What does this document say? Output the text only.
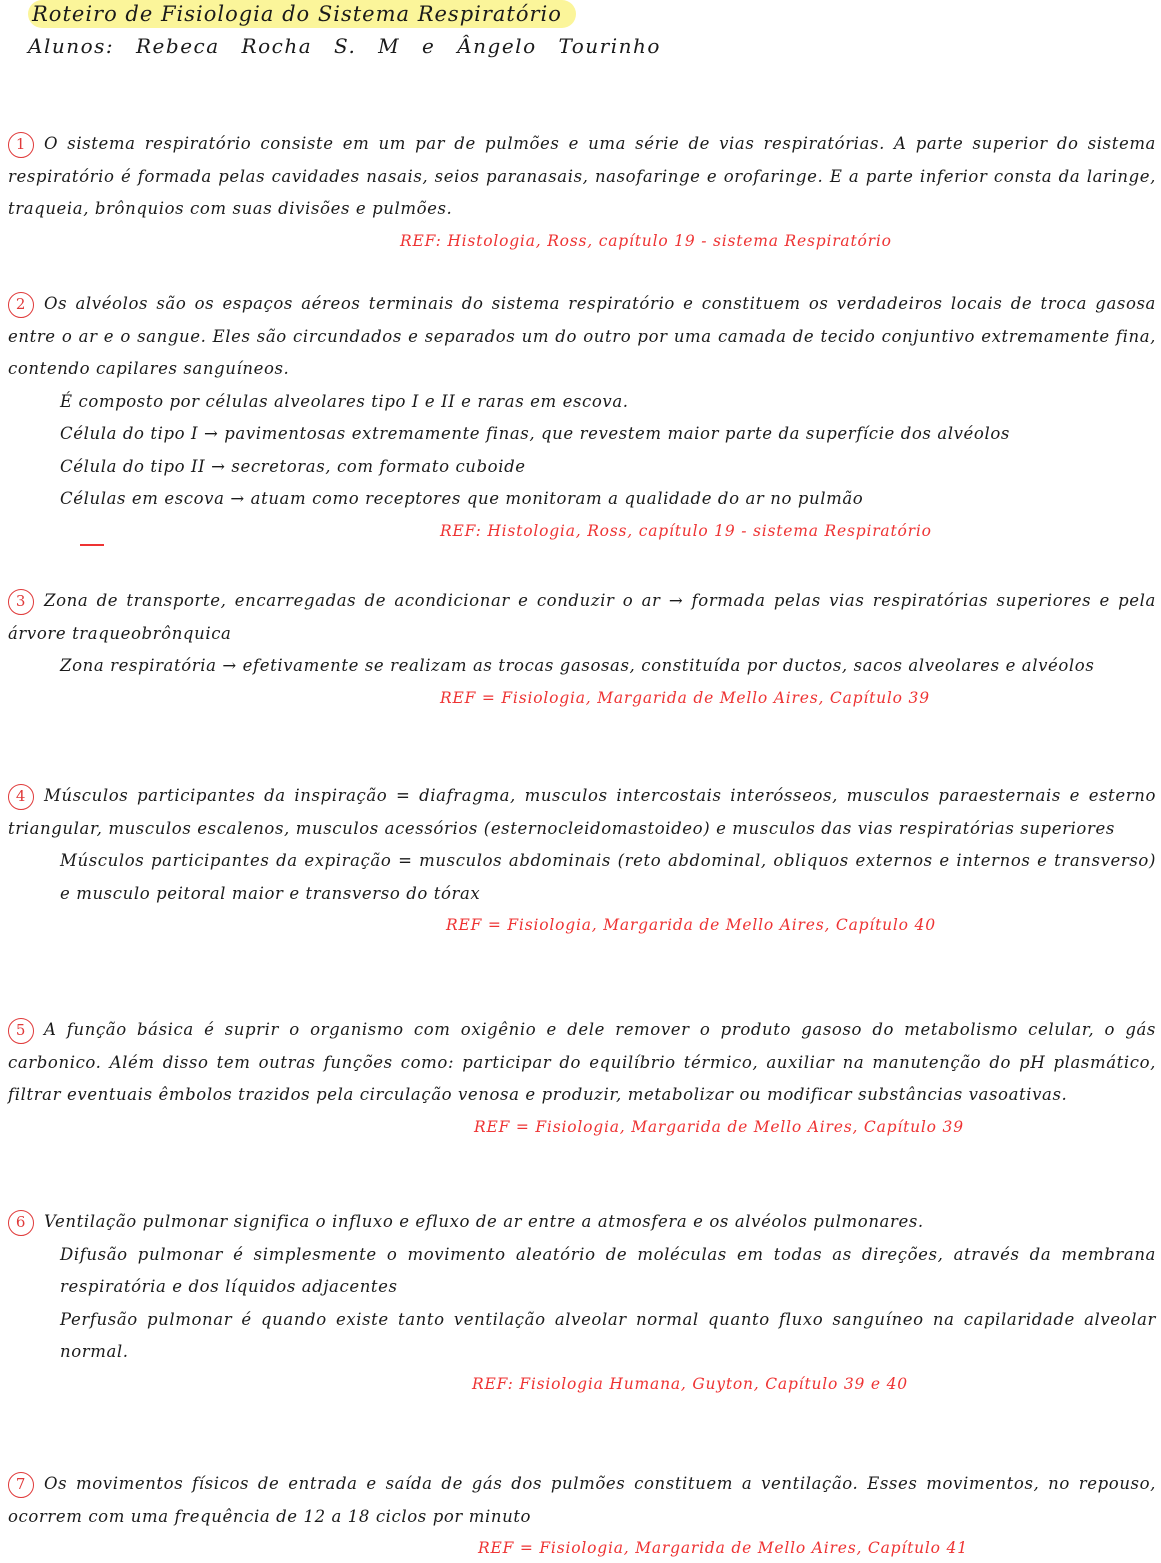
Roteiro de Fisiologia do Sistema Respiratório
Alunos: Rebeca Rocha S. M e Ângelo Tourinho

1 O sistema respiratório consiste em um par de pulmões e uma série de vias respiratórias. A parte superior do sistema respiratório é formada pelas cavidades nasais, seios paranasais, nasofaringe e orofaringe. E a parte inferior consta da laringe, traqueia, brônquios com suas divisões e pulmões.

REF: Histologia, Ross, capítulo 19 - sistema Respiratório

2 Os alvéolos são os espaços aéreos terminais do sistema respiratório e constituem os verdadeiros locais de troca gasosa entre o ar e o sangue. Eles são circundados e separados um do outro por uma camada de tecido conjuntivo extremamente fina, contendo capilares sanguíneos.

É composto por células alveolares tipo I e II e raras em escova.

Célula do tipo I → pavimentosas extremamente finas, que revestem maior parte da superfície dos alvéolos

Célula do tipo II → secretoras, com formato cuboide

Células em escova → atuam como receptores que monitoram a qualidade do ar no pulmão

REF: Histologia, Ross, capítulo 19 - sistema Respiratório

3 Zona de transporte, encarregadas de acondicionar e conduzir o ar → formada pelas vias respiratórias superiores e pela árvore traqueobrônquica

Zona respiratória → efetivamente se realizam as trocas gasosas, constituída por ductos, sacos alveolares e alvéolos

REF = Fisiologia, Margarida de Mello Aires, Capítulo 39

4 Músculos participantes da inspiração = diafragma, musculos intercostais interósseos, musculos paraesternais e esterno triangular, musculos escalenos, musculos acessórios (esternocleidomastoideo) e musculos das vias respiratórias superiores

Músculos participantes da expiração = musculos abdominais (reto abdominal, obliquos externos e internos e transverso) e musculo peitoral maior e transverso do tórax

REF = Fisiologia, Margarida de Mello Aires, Capítulo 40

5 A função básica é suprir o organismo com oxigênio e dele remover o produto gasoso do metabolismo celular, o gás carbonico. Além disso tem outras funções como: participar do equilíbrio térmico, auxiliar na manutenção do pH plasmático, filtrar eventuais êmbolos trazidos pela circulação venosa e produzir, metabolizar ou modificar substâncias vasoativas.

REF = Fisiologia, Margarida de Mello Aires, Capítulo 39

6 Ventilação pulmonar significa o influxo e efluxo de ar entre a atmosfera e os alvéolos pulmonares.

Difusão pulmonar é simplesmente o movimento aleatório de moléculas em todas as direções, através da membrana respiratória e dos líquidos adjacentes

Perfusão pulmonar é quando existe tanto ventilação alveolar normal quanto fluxo sanguíneo na capilaridade alveolar normal.

REF: Fisiologia Humana, Guyton, Capítulo 39 e 40

7 Os movimentos físicos de entrada e saída de gás dos pulmões constituem a ventilação. Esses movimentos, no repouso, ocorrem com uma frequência de 12 a 18 ciclos por minuto

REF = Fisiologia, Margarida de Mello Aires, Capítulo 41
